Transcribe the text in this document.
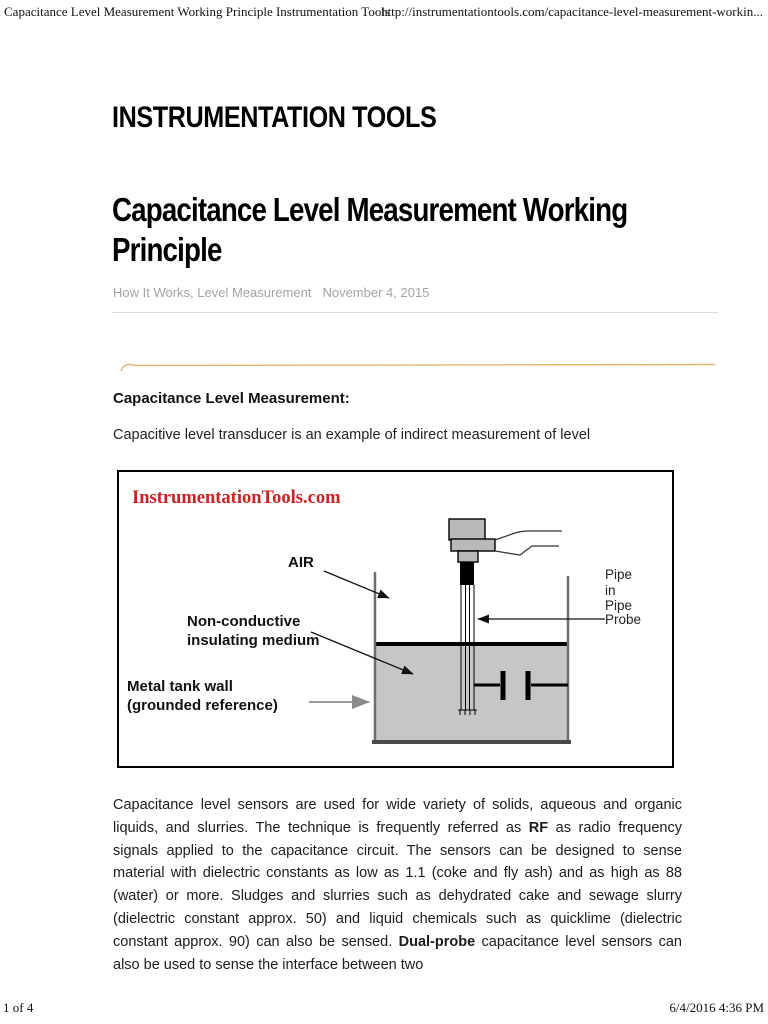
Capacitance Level Measurement Working Principle Instrumentation Tools
http://instrumentationtools.com/capacitance-level-measurement-workin...
INSTRUMENTATION TOOLS
Capacitance Level Measurement Working Principle
How It Works, Level Measurement November 4, 2015
Capacitance Level Measurement:
Capacitive level transducer is an example of indirect measurement of level
InstrumentationTools.com
AIR
Non-conductive
insulating medium
Metal tank wall
(grounded reference)
Pipe
in
Pipe
Probe

Capacitance level sensors are used for wide variety of solids, aqueous and organic liquids, and slurries. The technique is frequently referred as RF as radio frequency signals applied to the capacitance circuit. The sensors can be designed to sense material with dielectric constants as low as 1.1 (coke and fly ash) and as high as 88 (water) or more. Sludges and slurries such as dehydrated cake and sewage slurry (dielectric constant approx. 50) and liquid chemicals such as quicklime (dielectric constant approx. 90) can also be sensed. Dual-probe capacitance level sensors can also be used to sense the interface between two

1 of 4	6/4/2016 4:36 PM
